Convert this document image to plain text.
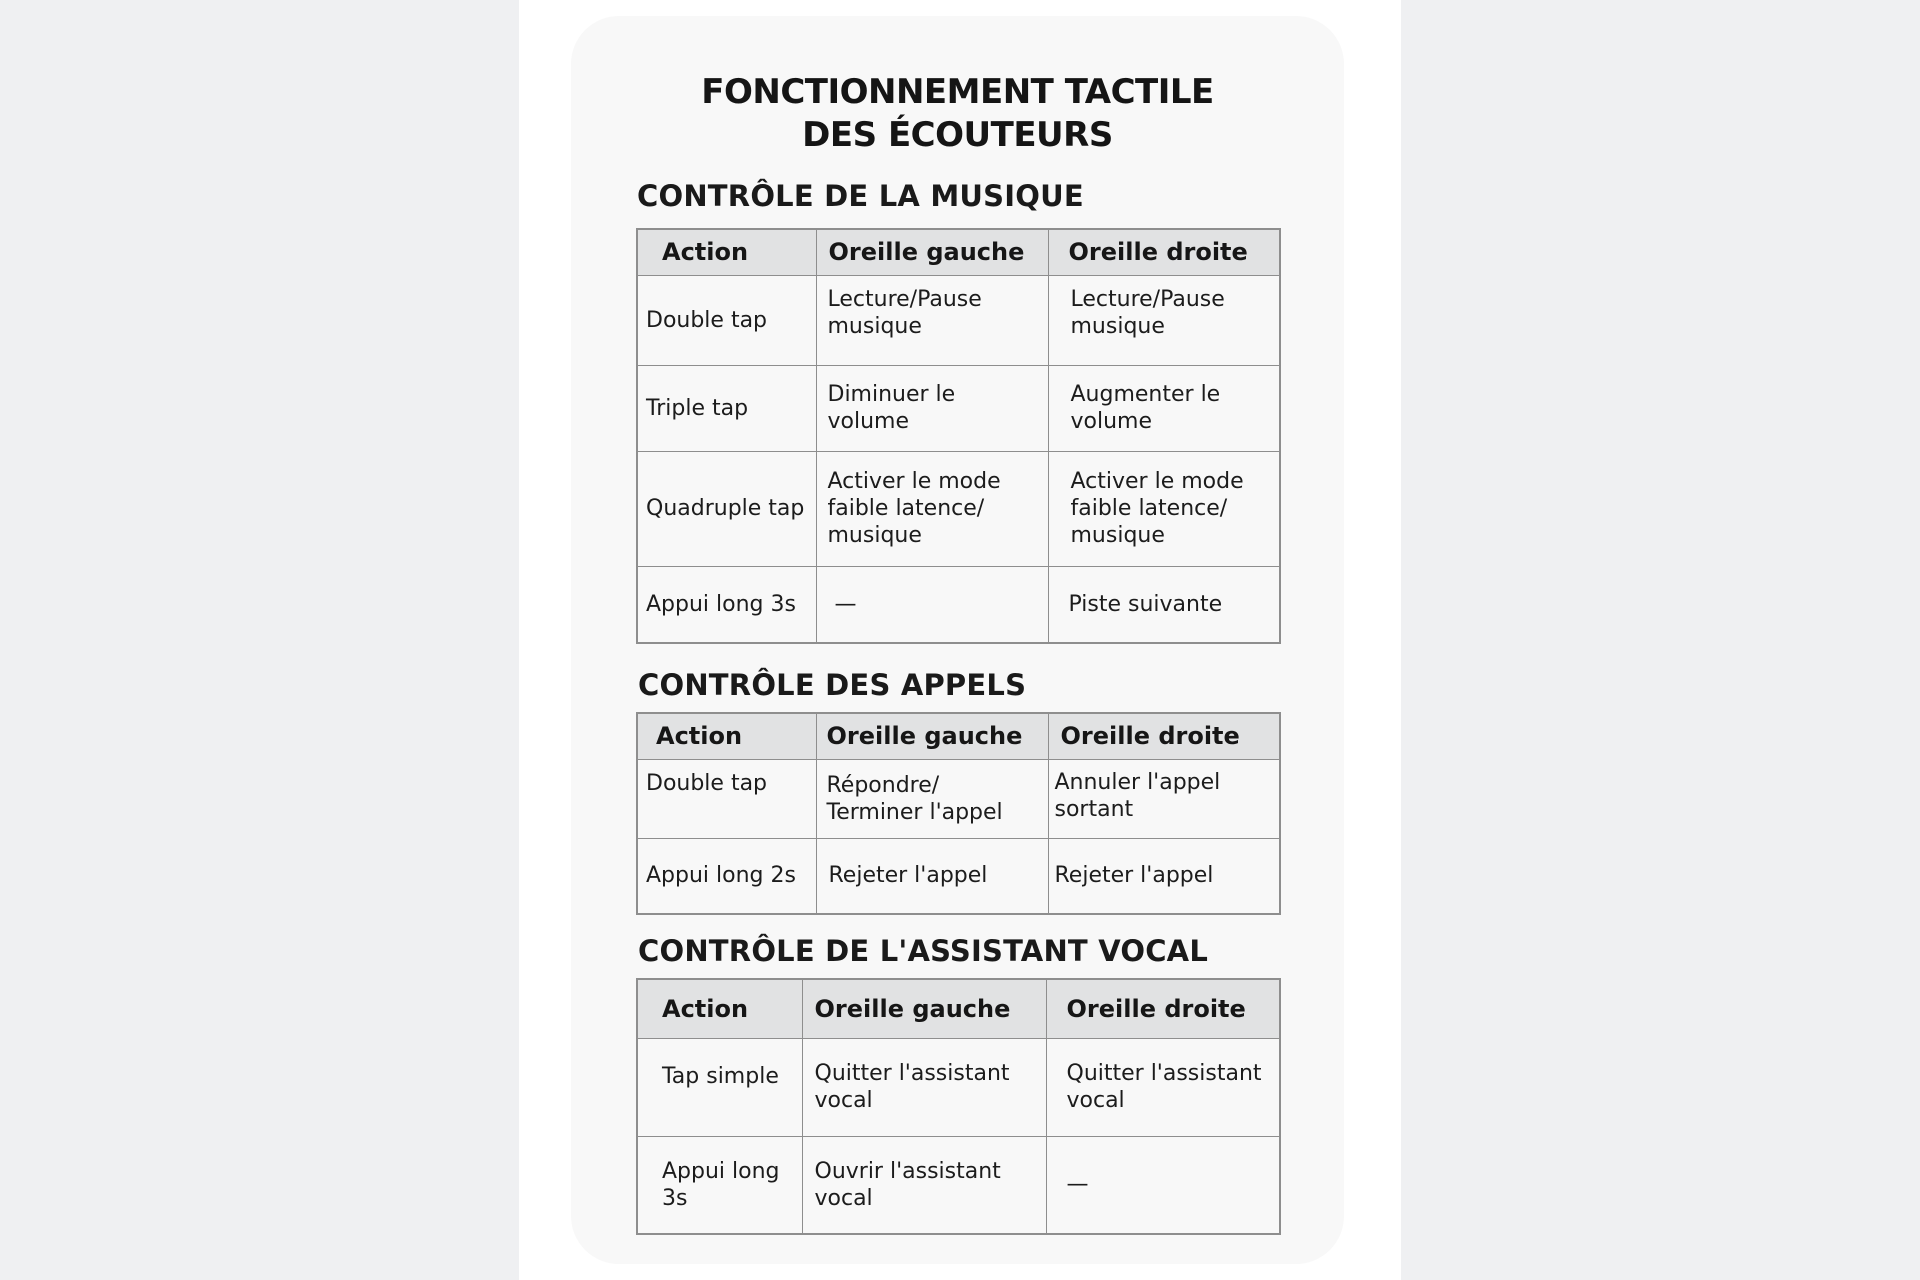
FONCTIONNEMENT TACTILE
DES ÉCOUTEURS
CONTRÔLE DE LA MUSIQUE
Action	Oreille gauche	Oreille droite
Double tap	Lecture/Pause musique	Lecture/Pause musique
Triple tap	Diminuer le volume	Augmenter le volume
Quadruple tap	Activer le mode faible latence/ musique	Activer le mode faible latence/ musique
Appui long 3s	—	Piste suivante
CONTRÔLE DES APPELS
Action	Oreille gauche	Oreille droite
Double tap	Répondre/ Terminer l'appel	Annuler l'appel sortant
Appui long 2s	Rejeter l'appel	Rejeter l'appel
CONTRÔLE DE L'ASSISTANT VOCAL
Action	Oreille gauche	Oreille droite
Tap simple	Quitter l'assistant vocal	Quitter l'assistant vocal
Appui long 3s	Ouvrir l'assistant vocal	—
